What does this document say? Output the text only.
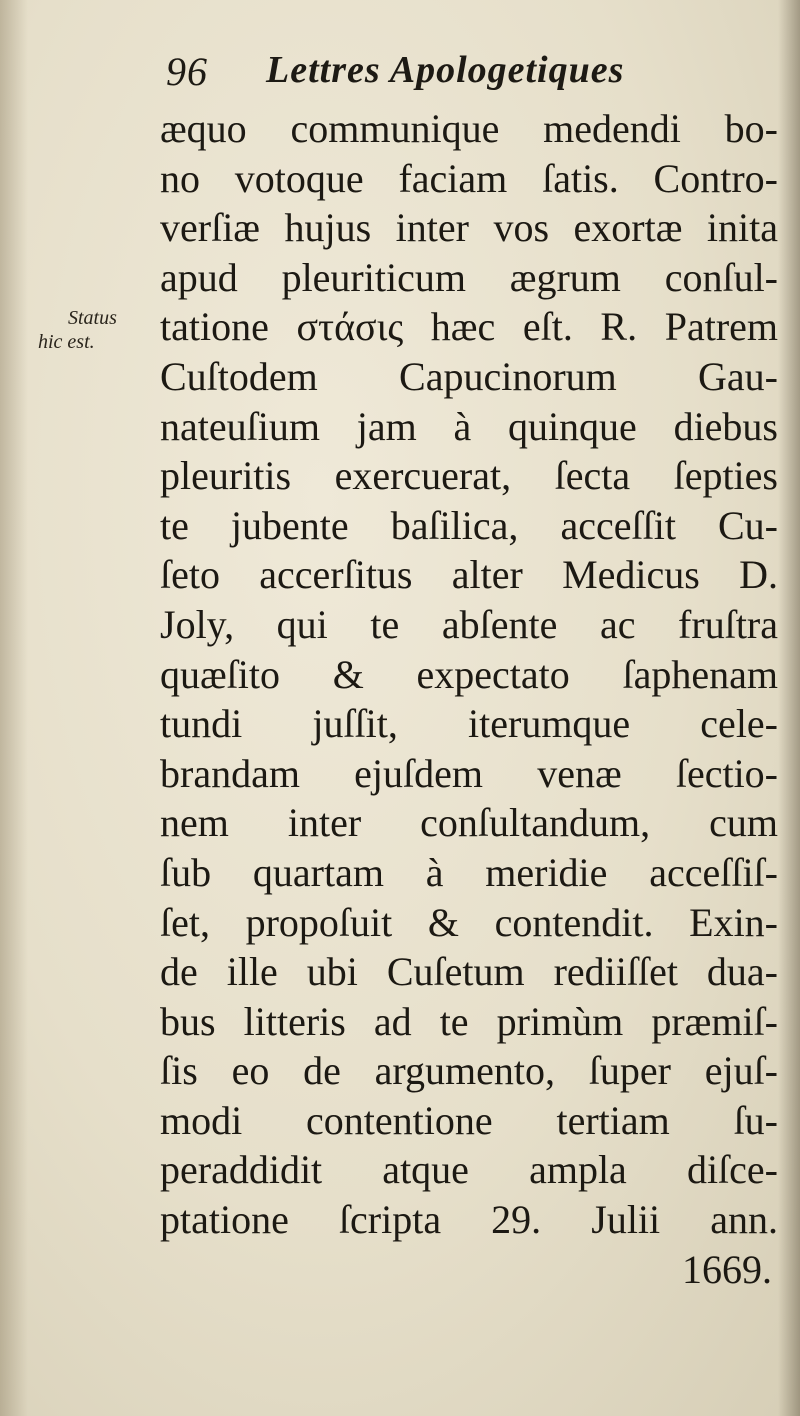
96 Lettres Apologetiques
Status
hic est.
æquo communique medendi bo-
no votoque faciam ſatis. Contro-
verſiæ hujus inter vos exortæ inita
apud pleuriticum ægrum conſul-
tatione στάσις hæc eſt. R. Patrem
Cuſtodem Capucinorum Gau-
nateuſium jam à quinque diebus
pleuritis exercuerat, ſecta ſepties
te jubente baſilica, acceſſit Cu-
ſeto accerſitus alter Medicus D.
Joly, qui te abſente ac fruſtra
quæſito & expectato ſaphenam
tundi juſſit, iterumque cele-
brandam ejuſdem venæ ſectio-
nem inter conſultandum, cum
ſub quartam à meridie acceſſiſ-
ſet, propoſuit & contendit. Exin-
de ille ubi Cuſetum rediiſſet dua-
bus litteris ad te primùm præmiſ-
ſis eo de argumento, ſuper ejuſ-
modi contentione tertiam ſu-
peraddidit atque ampla diſce-
ptatione ſcripta 29. Julii ann.
1669.
